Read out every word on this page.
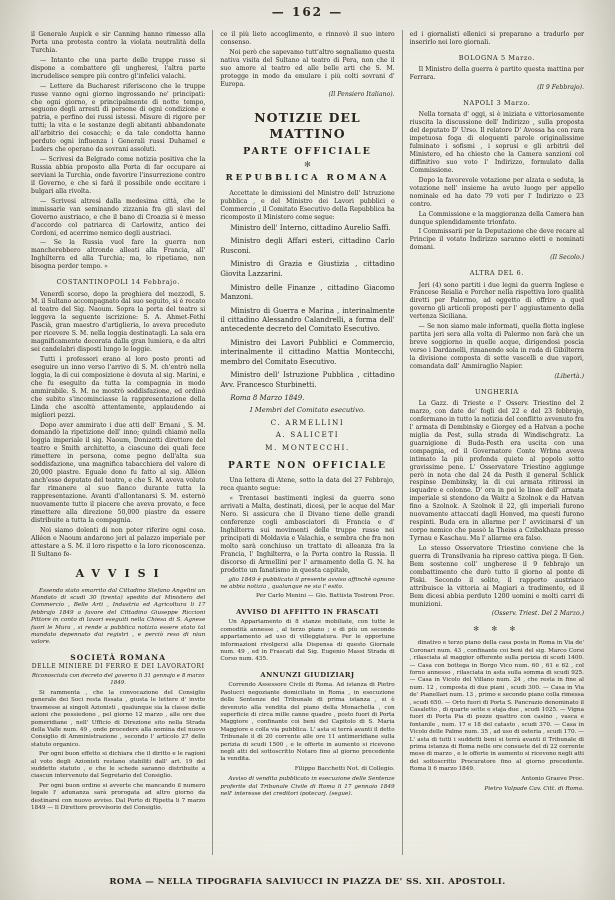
— 162 —
il Generale Aupick e sir Canning hanno rimesso alla Porta una protesta contro la violata neutralità della Turchia.
— Intanto che una parte delle truppe russe si dispone a combattere gli ungheresi, l'altra parte incrudelisce sempre più contro gl'infelici valachi.
— Lettere da Bucharest riferiscono che le truppe russe vanno ogni giorno ingrossando ne' principati: che ogni giorno, e principalmente di notte tempo, seguono degli arresti di persone di ogni condizione e patria, e perfino dei russi istessi. Misure di rigore per tutti; la vita e le sostanze degli abitanti abbandonate all'arbitrio dei cosacchi; e da tale condotta hanno perduto ogni influenza i Generali russi Duhamel e Luders che operano da sovrani assoluti.
— Scrivesi da Belgrado come notizia positiva che la Russia abbia proposto alla Porta di far occupare ai serviani la Turchia, onde favorire l'insurrezione contro il Governo, e che si farà il possibile onde eccitare i bulgari alla rivolta.
— Scrivesi altresì dalla medesima città, che le immissarie van seminando zizzania fra gli slavi del Governo austriaco, e che il bano di Croazia si è messo d'accordo col patriarca di Carlowitz, antico dei Cordoni, ed acerrimo nemico degli austriaci.
— Se la Russia vuol fare la guerra non mancherebbero altronde alleati alla Francia, all' Inghilterra ed alla Turchia; ma, lo ripetiamo, non bisogna perder tempo. »
COSTANTINOPOLI 14 Febbrajo.
Venerdì scorso, dopo la preghiera del mezzodì, S. M. il Sultano accompagnato dal suo seguito, si è recato al teatro del Sig. Naoum. Sopra la porta del teatro si leggeva la seguente iscrizione: S. A. Ahmet-Fethi Pascià, gran maestro d'artiglieria, lo aveva preceduto per ricevere S. M. nella loggia destinatagli. La sala era magnificamente decorata dalla gran lumiera, e da altri sei candelabri disposti lungo le loggie.
Tutti i professori erano al loro posto pronti ad eseguire un inno verso l'arrivo di S. M. ch'entrò nella loggia, la di cui composizione è dovuta al sig. Marini, e che fu eseguito da tutta la compagnia in modo ammirabile. S. M. ne mostrò soddisfazione, ed ordinò che subito s'incominciasse la rappresentazione della Linda che ascoltò attentamente, applaudendo ai migliori pezzi.
Dopo aver ammirato i due atti dell' Ernani , S. M. domandò la ripetizione dell' inno; quindi chiamò nella loggia imperiale il sig. Naoum, Donizetti direttore del teatro e Smith architetto, a ciascuno dei quali fece rimettere in persona, come pegno dell'alta sua soddisfazione, una magnifica tabacchiera del valore di 20,000 piastre. Eguale dono fu fatto al sig. Alléon anch'esso deputato del teatro, e che S. M. aveva voluto far rimanere al suo fianco durante tutta la rappresentazione. Avanti d'allontanarsi S. M. esternò nuovamente tutto il piacere che aveva provato, e fece rimettere alla direzione 50,000 piastre da essere distribuite a tutta la compagnia.
Noi siamo dolenti di non poter riferire ogni cosa. Alléon e Naoum andarono jeri al palazzo imperiale per attestare a S. M. il loro rispetto e la loro riconoscenza. Il Sultano fe-
AVVISI
Essendo stato smarrito dal Cittadino Stefano Angelini un Mandato di scudi 30 (trenta) spedito dal Ministero del Commercio , Belle Arti , Industria ed Agricoltura li 17 febbrajo 1849 a favore del Cittadino Giuseppe Riccioni Pittore in conto di lavori eseguiti nella Chiesa di S. Agnese fuori le Mura , si rende a pubblica notizia essere stato tal mandato depennato dai registri , e perciò reso di niun valore.
SOCIETÀ ROMANA
DELLE MINIERE DI FERRO E DEI LAVORATORI
Riconosciuta con decreto del governo li 31 gennajo e 8 marzo 1849.
Si rammenta , che la convocazione del Consiglio generale dei Soci resta fissata , giusta le lettere d' invito trasmesse ai singoli Azionisti , qualunque sia la classe delle azioni che possiedono , pel giorno 12 marzo , alle ore due pomeridiane , nell' Ufficio di Direzione sito nella Strada della Valle num. 49 , onde procedere alla nomina del nuovo Consiglio di Amministrazione , secondo l' articolo 27 dello statuto organico.
Per ogni buon effetto si dichiara che il diritto e le ragioni al voto degli Azionisti restano stabiliti dall' art. 19 del suddetto statuto , e che le schede saranno distribuite a ciascun intervenuto dal Segretario del Consiglio.
Per ogni buon ordine si avverte che mancando il numero legale l' adunanza sarà prorogata ad altro giorno da destinarsi con nuovo avviso. Dal Porto di Ripetta li 7 marzo 1849 — Il Direttore provvisorio del Consiglio.
ce il più lieto accoglimento, e rinnovò il suo intero consenso.
Noi però che sapevamo tutt'altro segnaliamo questa nativa visita del Sultano al teatro di Pera, non che il suo amore al teatro ed alle belle arti che S. M. protegge in modo da emulare i più colti sovrani d' Europa.
(Il Pensiero Italiano).
NOTIZIE DEL MATTINO
PARTE OFFICIALE
✻
REPUBBLICA ROMANA
Accettate le dimissioni del Ministro dell' Istruzione pubblica , e del Ministro dei Lavori pubblici e Commercio , il Comitato Esecutivo della Repubblica ha ricomposto il Ministero come segue:
Ministro dell' Interno, cittadino Aurelio Saffi.
Ministro degli Affari esteri, cittadino Carlo Rusconi.
Ministro di Grazia e Giustizia , cittadino Giovita Lazzarini.
Ministro delle Finanze , cittadino Giacomo Manzoni.
Ministro di Guerra e Marina , interinalmente il cittadino Alessandro Calandrelli, a forma dell' antecedente decreto del Comitato Esecutivo.
Ministro dei Lavori Pubblici e Commercio, interinalmente il cittadino Mattia Montecchi, membro del Comitato Esecutivo.
Ministro dell' Istruzione Pubblica , cittadino Avv. Francesco Sturbinetti.
Roma 8 Marzo 1849.
I Membri del Comitato esecutivo.
C. ARMELLINI
A. SALICETI
M. MONTECCHI.
PARTE NON OFFICIALE
Una lettera di Atene, sotto la data del 27 Febbrajo, reca quanto segue:
« Trentasei bastimenti inglesi da guerra sono arrivati a Malta, destinati, dicesi, per le acque del Mar Nero. Si assicura che il Divano tiene delle grandi conferenze cogli ambasciatori di Francia e d' Inghilterra sui movimenti delle truppe russe nei principati di Moldavia e Valachia, e sembra che fra non molto sarà conchiuso un trattato di alleanza fra la Francia, l' Inghilterra, e la Porta contro la Russia. Il discorso di Armellini per l' armamento della G. N. ha prodotto un fanatismo in questa capitale,
glio 1849 è pubblicato il presente avviso affinchè ognuno ne abbia notizia , qualunque ne sia l' esito.
Per Carlo Menini — Gio. Battista Tosironi Proc.
AVVISO DI AFFITTO IN FRASCATI
Un Appartamento di 8 stanze mobiliate, con tutte le comodità annesse , al terzo piano ; e di più un secondo appartamento ad uso di villeggiatura. Per le opportune informazioni rivolgersi alla Dispensa di questo Giornale num. 49 , ed in Frascati dal Sig. Eugenio Massi Strada di Corso num. 435.
ANNUNZI GIUDIZIARJ
Correndo Assessore Civile di Roma. Ad istanza di Pietro Paolucci negoziante domiciliato in Roma , in esecuzione delle Sentenze del Tribunale di prima istanza , si è devenuto alla vendita del piano della Monachella , con superficie di circa mille canne quadre , posto fuori di Porta Maggiore , confinante coi beni del Capitolo di S. Maria Maggiore e colla via pubblica. L' asta si terrà avanti il detto Tribunale il dì 20 corrente alle ore 11 antimeridiane sulla perizia di scudi 1500 , e le offerte in aumento si ricevono negli atti del sottoscritto Notaro fino al giorno precedente la vendita.
Filippo Bacchetti Not. di Collegio.
Avviso di vendita pubblicato in esecuzione delle Sentenze proferite dal Tribunale Civile di Roma li 17 gennaio 1849 nell' interesse dei creditori ipotecarj. (segue).
ed i giornalisti ellenici si preparano a tradurlo per inserirlo nei loro giornali.
BOLOGNA 5 Marzo.
Il Ministro della guerra è partito questa mattina per Ferrara.
(Il 9 Febbrajo).
NAPOLI 3 Marzo.
Nella tornata d' oggi, si è iniziata e vittoriosamente riuscita la discussione dell' Indirizzo , sulla proposta del deputato D' Urso. Il relatore D' Avossa ha con rara impetuosa foga di eloquenti parole originalissime fulminato i sofismi , i soprusi e gli arbitrii del Ministero, ed ha chiesto che la Camera sanzioni col diffinitivo suo voto l' Indirizzo, formulato dalla Commissione.
Dopo la favorevole votazione per alzata e seduta, la votazione nell' insieme ha avuto luogo per appello nominale ed ha dato 79 voti per l' Indirizzo e 23 contro.
La Commissione e la maggioranza della Camera han dunque splendidamente trionfato.
I Commissarii per la Deputazione che deve recare al Principe il votato Indirizzo saranno eletti e nominati domani.
(Il Secolo.)
ALTRA DEL 6.
Jeri (4) sono partiti i due legni da guerra Inglese e Francese Reialia e Porcher nella rispettiva loro qualità diretti per Palermo, ad oggetto di offrire a quel governo gli articoli proposti per l' aggiustamento della vertenza Siciliana.
— Se non siamo male informati, quella flotta inglese partita jeri sera alla volta di Palermo non farà che un breve soggiorno in quelle acque, dirigendosi poscia verso i Dardanelli, rimanendo sola in rada di Gibilterra la divisione composta di sette vascelli e due vapori, comandata dall' Ammiraglio Napier.
(Libertà.)
UNGHERIA
La Gazz. di Trieste e l' Osserv. Triestino del 2 marzo, con date de' fogli del 22 e del 23 febbrajo, confermano in tutto la notizia del conflitto avvenuto fra l' armata di Dembinsky e Giorgey ed a Hatvan a poche miglia da Pest, sulla strada di Windischgratz. La guarnigione di Buda-Pesth era uscita con una compagnia, ed il Governatore Conte Wrbna aveva intimato la più profonda quiete al popolo sotto gravissime pene. L' Osservatore Triestino aggiunge però in nota che dal 24 da Pesth il general Schlick respinse Dembinsky, la di cui armata ritirossi in isquadre e colonne. D' ora in poi le linee dell' armata imperiale si stendono da Waitz a Szolnok e da Hatvan fino a Szolnok. A Szolnok il 22, gli imperiali furono nuovamente attaccati dagli Honved, ma questi furono respinti. Buda era in allarme per l' avvicinarsi d' un corpo nemico che passò la Theiss a Czibakhaza presso Tyrnau e Kaschau. Ma l' allarme era falso.
Lo stesso Osservatore Triestino conviene che la guerra di Transilvania ha ripreso cattiva piega. Il Gen. Bem sostenne coll' ungherese il 9 febbrajo un combattimento che durò tutto il giorno al ponte di Piski. Secondo il solito, il rapporto austriaco attribuisce la vittoria ai Magiari a tradimento, ed il Bem dicesi abbia perduto 1200 uomini e molti carri di munizioni.
(Osserv. Triest. Del 2 Marzo.)
✻ ✻ ✻
dinativo e terzo piano della casa posta in Roma in Via de' Coronari num. 43 , confinante coi beni del sig. Marco Corsi , rilasciata al maggior offerente sulla perizia di scudi 1400. — Casa con bottega in Borgo Vico num. 60 , 61 e 62 , col forno annesso , rilasciata in asta sulla somma di scudi 925. — Casa in Vicolo del Villano num. 24 , che resta in fine al num. 12 , composta di due piani , scudi 300. — Casa in Via de' Pianellari num. 13 , primo e secondo piano colla rimessa , scudi 650. — Orto fuori di Porta S. Pancrazio denominato il Casaletto , di quarte sette e staja due , scudi 1025. — Vigna fuori di Porta Pia di pezze quattro con casino , vasca e fontanile , num. 17 e 18 del catasto , scudi 370. — Casa in Vicolo delle Palme num. 35 , ad uso di osteria , scudi 170. — L' asta di tutti i suddetti beni si terrà avanti il Tribunale di prima istanza di Roma nelle ore consuete del dì 22 corrente mese di marzo , e le offerte in aumento si ricevono negli atti del sottoscritto Procuratore fino al giorno precedente. Roma li 6 marzo 1849.
Antonio Graeve Proc.
Pietro Valpade Cav. Citt. di Roma.
ROMA — NELLA TIPOGRAFIA SALVIUCCI IN PIAZZA DE' SS. XII. APOSTOLI.
